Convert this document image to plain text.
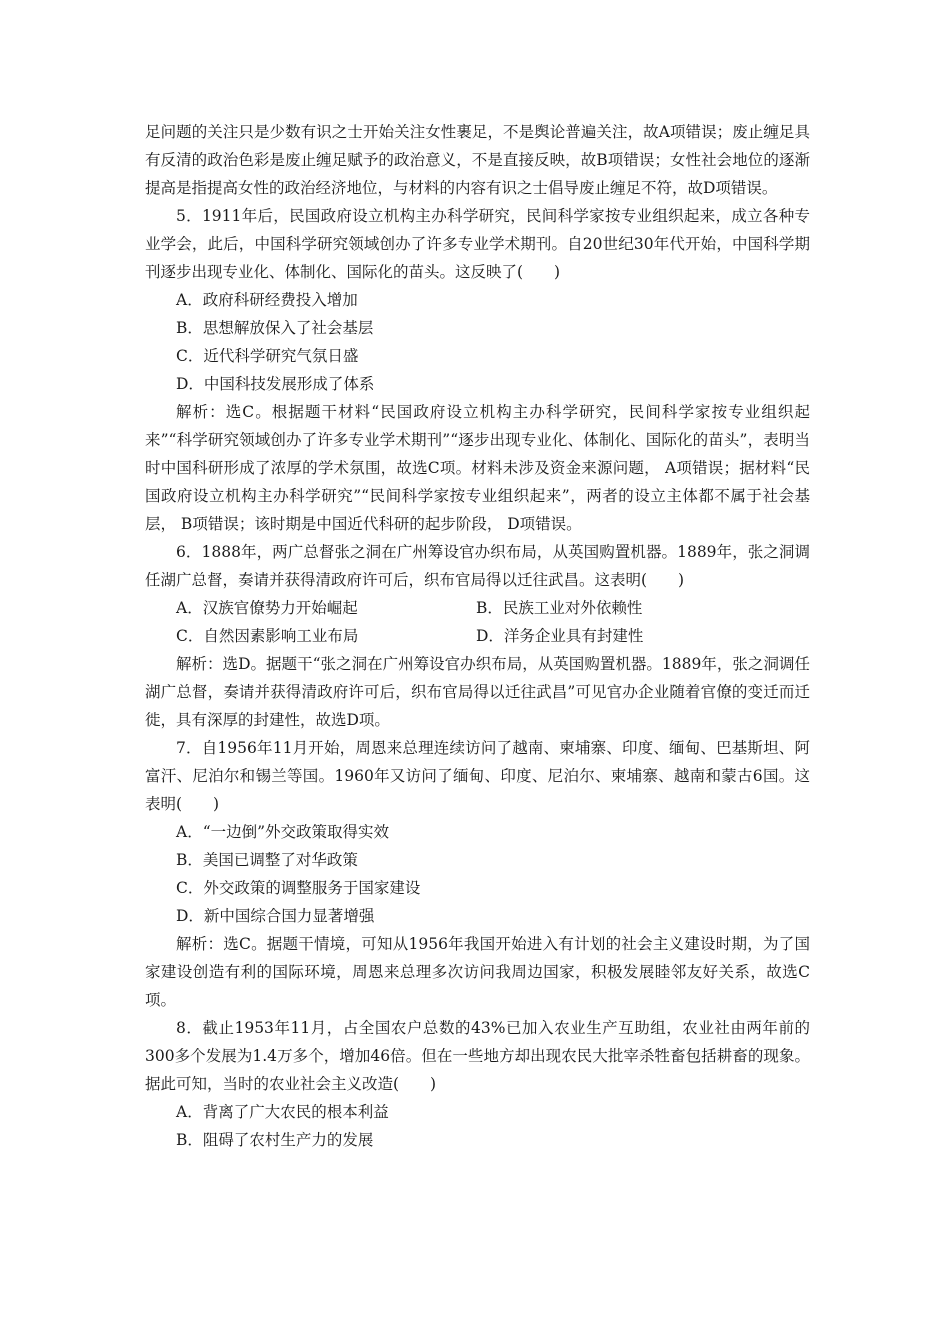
足问题的关注只是少数有识之士开始关注女性裹足，不是舆论普遍关注，故A项错误；废止缠足具有反清的政治色彩是废止缠足赋予的政治意义，不是直接反映，故B项错误；女性社会地位的逐渐提高是指提高女性的政治经济地位，与材料的内容有识之士倡导废止缠足不符，故D项错误。

5．1911年后，民国政府设立机构主办科学研究，民间科学家按专业组织起来，成立各种专业学会，此后，中国科学研究领域创办了许多专业学术期刊。自20世纪30年代开始，中国科学期刊逐步出现专业化、体制化、国际化的苗头。这反映了(　　)

A．政府科研经费投入增加

B．思想解放保入了社会基层

C．近代科学研究气氛日盛

D．中国科技发展形成了体系

解析：选C。根据题干材料“民国政府设立机构主办科学研究，民间科学家按专业组织起来”“科学研究领域创办了许多专业学术期刊”“逐步出现专业化、体制化、国际化的苗头”，表明当时中国科研形成了浓厚的学术氛围，故选C项。材料未涉及资金来源问题， A项错误；据材料“民国政府设立机构主办科学研究”“民间科学家按专业组织起来”，两者的设立主体都不属于社会基层， B项错误；该时期是中国近代科研的起步阶段， D项错误。

6．1888年，两广总督张之洞在广州筹设官办织布局，从英国购置机器。1889年，张之洞调任湖广总督，奏请并获得清政府许可后，织布官局得以迁往武昌。这表明(　　)

A．汉族官僚势力开始崛起	B．民族工业对外依赖性
C．自然因素影响工业布局	D．洋务企业具有封建性

解析：选D。据题干“张之洞在广州筹设官办织布局，从英国购置机器。1889年，张之洞调任湖广总督，奏请并获得清政府许可后，织布官局得以迁往武昌”可见官办企业随着官僚的变迁而迁徙，具有深厚的封建性，故选D项。

7．自1956年11月开始，周恩来总理连续访问了越南、柬埔寨、印度、缅甸、巴基斯坦、阿富汗、尼泊尔和锡兰等国。1960年又访问了缅甸、印度、尼泊尔、柬埔寨、越南和蒙古6国。这表明(　　)

A．“一边倒”外交政策取得实效

B．美国已调整了对华政策

C．外交政策的调整服务于国家建设

D．新中国综合国力显著增强

解析：选C。据题干情境，可知从1956年我国开始进入有计划的社会主义建设时期，为了国家建设创造有利的国际环境，周恩来总理多次访问我周边国家，积极发展睦邻友好关系，故选C项。

8．截止1953年11月，占全国农户总数的43%已加入农业生产互助组，农业社由两年前的300多个发展为1.4万多个，增加46倍。但在一些地方却出现农民大批宰杀牲畜包括耕畜的现象。据此可知，当时的农业社会主义改造(　　)

A．背离了广大农民的根本利益

B．阻碍了农村生产力的发展
